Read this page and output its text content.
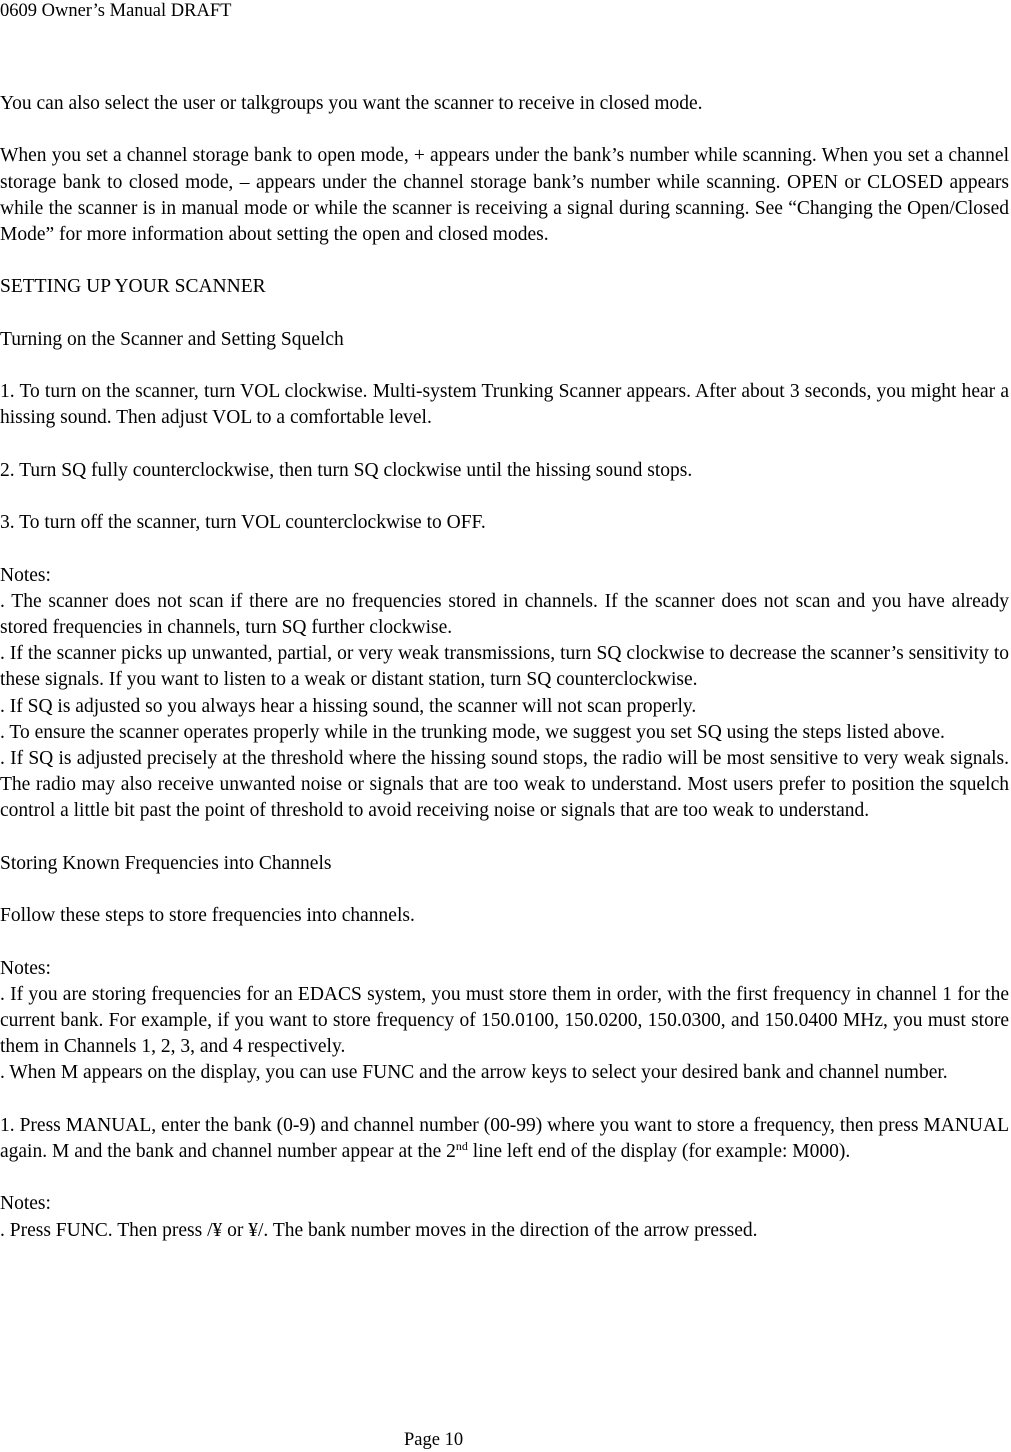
0609 Owner’s Manual DRAFT

You can also select the user or talkgroups you want the scanner to receive in closed mode.

When you set a channel storage bank to open mode, + appears under the bank’s number while scanning. When you set a channel storage bank to closed mode, – appears under the channel storage bank’s number while scanning. OPEN or CLOSED appears while the scanner is in manual mode or while the scanner is receiving a signal during scanning. See “Changing the Open/Closed Mode” for more information about setting the open and closed modes.

SETTING UP YOUR SCANNER

Turning on the Scanner and Setting Squelch

1. To turn on the scanner, turn VOL clockwise. Multi-system Trunking Scanner appears. After about 3 seconds, you might hear a hissing sound. Then adjust VOL to a comfortable level.

2. Turn SQ fully counterclockwise, then turn SQ clockwise until the hissing sound stops.

3. To turn off the scanner, turn VOL counterclockwise to OFF.

Notes:

. The scanner does not scan if there are no frequencies stored in channels. If the scanner does not scan and you have already stored frequencies in channels, turn SQ further clockwise.

. If the scanner picks up unwanted, partial, or very weak transmissions, turn SQ clockwise to decrease the scanner’s sensitivity to these signals. If you want to listen to a weak or distant station, turn SQ counterclockwise.

. If SQ is adjusted so you always hear a hissing sound, the scanner will not scan properly.

. To ensure the scanner operates properly while in the trunking mode, we suggest you set SQ using the steps listed above.

. If SQ is adjusted precisely at the threshold where the hissing sound stops, the radio will be most sensitive to very weak signals. The radio may also receive unwanted noise or signals that are too weak to understand. Most users prefer to position the squelch control a little bit past the point of threshold to avoid receiving noise or signals that are too weak to understand.

Storing Known Frequencies into Channels

Follow these steps to store frequencies into channels.

Notes:

. If you are storing frequencies for an EDACS system, you must store them in order, with the first frequency in channel 1 for the current bank. For example, if you want to store frequency of 150.0100, 150.0200, 150.0300, and 150.0400 MHz, you must store them in Channels 1, 2, 3, and 4 respectively.

. When M appears on the display, you can use FUNC and the arrow keys to select your desired bank and channel number.

1. Press MANUAL, enter the bank (0-9) and channel number (00-99) where you want to store a frequency, then press MANUAL again. M and the bank and channel number appear at the 2nd line left end of the display (for example: M000).

Notes:

. Press FUNC. Then press /¥ or ¥/. The bank number moves in the direction of the arrow pressed.

Page 10
